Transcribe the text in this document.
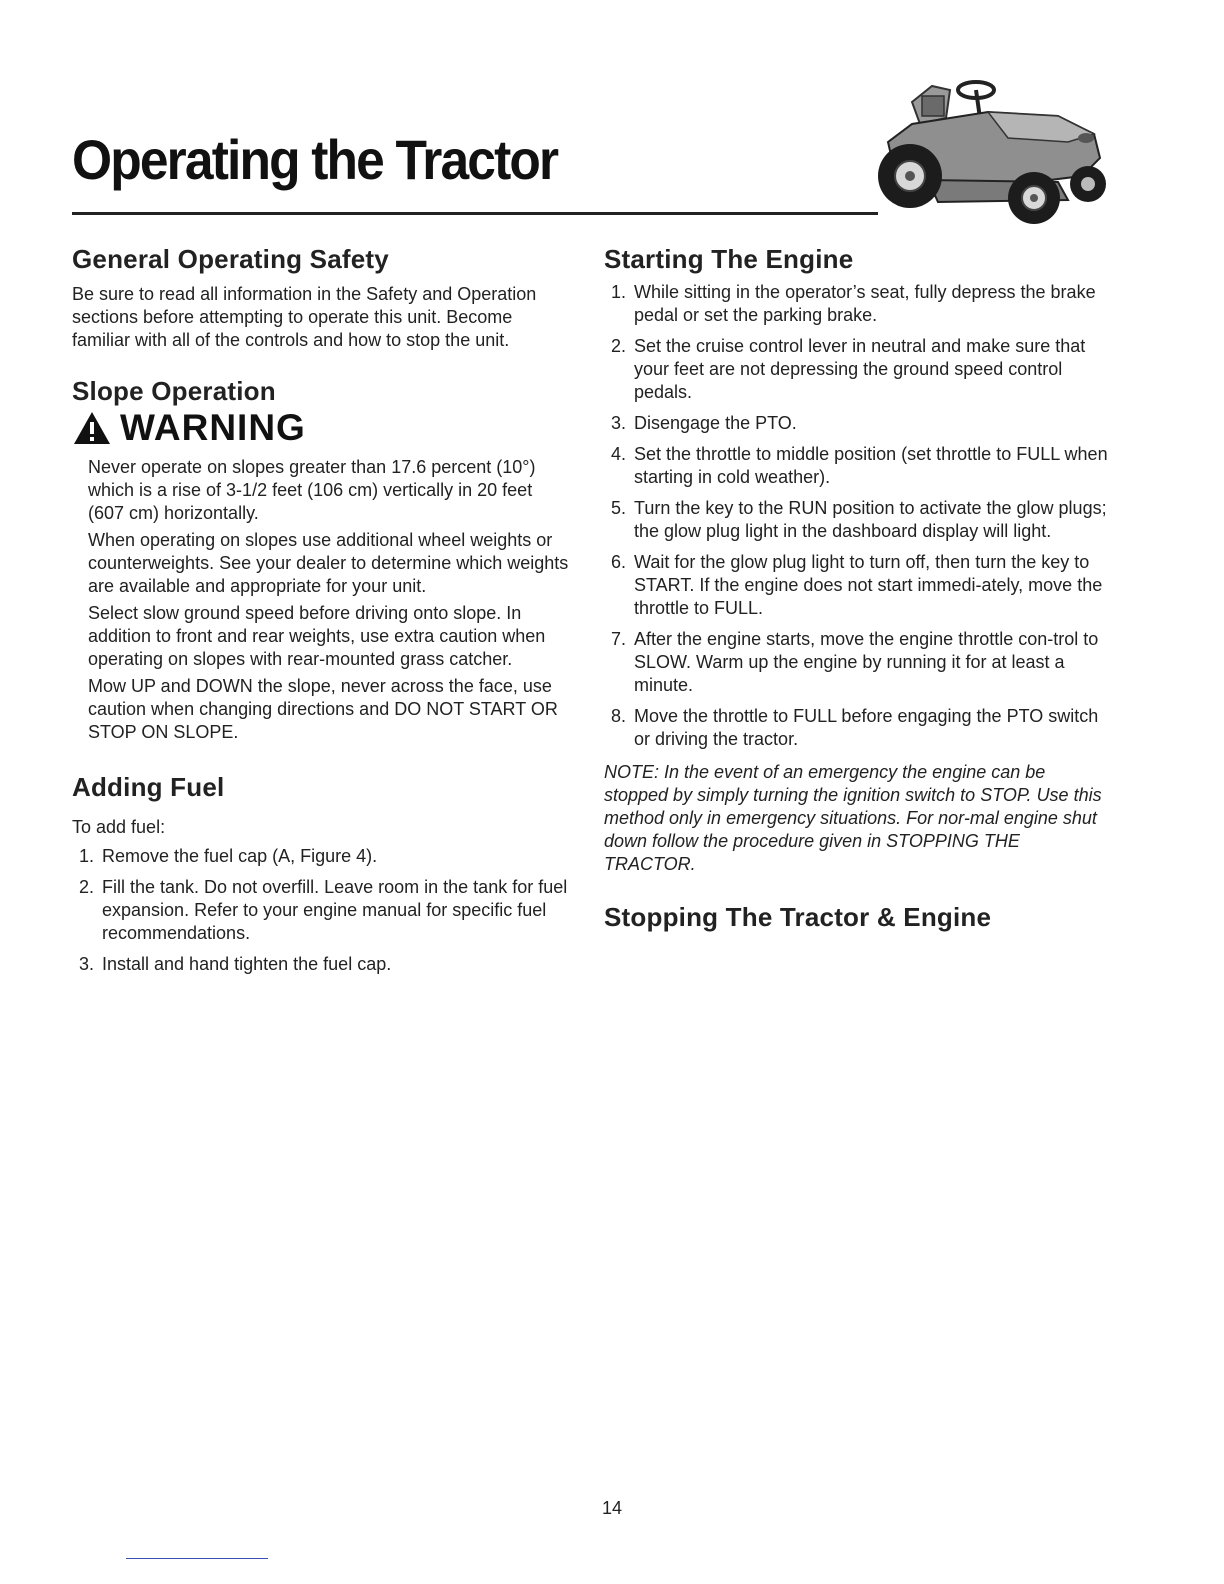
Operating the Tractor
General Operating Safety

Be sure to read all information in the Safety and Operation sections before attempting to operate this unit. Become familiar with all of the controls and how to stop the unit.

Slope Operation
WARNING

Never operate on slopes greater than 17.6 percent (10°) which is a rise of 3-1/2 feet (106 cm) vertically in 20 feet (607 cm) horizontally.

When operating on slopes use additional wheel weights or counterweights. See your dealer to determine which weights are available and appropriate for your unit.

Select slow ground speed before driving onto slope. In addition to front and rear weights, use extra caution when operating on slopes with rear-mounted grass catcher.

Mow UP and DOWN the slope, never across the face, use caution when changing directions and DO NOT START OR STOP ON SLOPE.

Adding Fuel

To add fuel:

1. Remove the fuel cap (A, Figure 4).
2. Fill the tank. Do not overfill. Leave room in the tank for fuel expansion. Refer to your engine manual for specific fuel recommendations.
3. Install and hand tighten the fuel cap.
Starting The Engine
1. While sitting in the operator’s seat, fully depress the brake pedal or set the parking brake.
2. Set the cruise control lever in neutral and make sure that your feet are not depressing the ground speed control pedals.
3. Disengage the PTO.
4. Set the throttle to middle position (set throttle to FULL when starting in cold weather).
5. Turn the key to the RUN position to activate the glow plugs; the glow plug light in the dashboard display will light.
6. Wait for the glow plug light to turn off, then turn the key to START. If the engine does not start immedi-ately, move the throttle to FULL.
7. After the engine starts, move the engine throttle con-trol to SLOW. Warm up the engine by running it for at least a minute.
8. Move the throttle to FULL before engaging the PTO switch or driving the tractor.

NOTE: In the event of an emergency the engine can be stopped by simply turning the ignition switch to STOP. Use this method only in emergency situations. For nor-mal engine shut down follow the procedure given in STOPPING THE TRACTOR.

Stopping The Tractor & Engine
14
